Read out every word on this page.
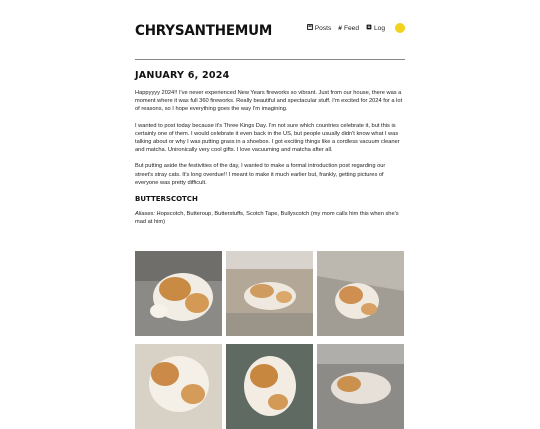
CHRYSANTHEMUM	Posts # Feed Log
JANUARY 6, 2024

Happyyyy 2024!! I've never experienced New Years fireworks so vibrant. Just from our house, there was a moment where it was full 360 fireworks. Really beautiful and spectacular stuff. I'm excited for 2024 for a lot of reasons, so I hope everything goes the way I'm imagining.

I wanted to post today because it's Three Kings Day. I'm not sure which countries celebrate it, but this is certainly one of them. I would celebrate it even back in the US, but people usually didn't know what I was talking about or why I was putting grass in a shoebox. I got exciting things like a cordless vacuum cleaner and matcha. Unironically very cool gifts. I love vacuuming and matcha after all.

But putting aside the festivities of the day, I wanted to make a formal introduction post regarding our street's stray cats. It's long overdue!! I meant to make it much earlier but, frankly, getting pictures of everyone was pretty difficult.

BUTTERSCOTCH

Aliases: Hopscotch, Butteroup, Butterstuffs, Scotch Tape, Bullyscotch (my mom calls him this when she's mad at him)
